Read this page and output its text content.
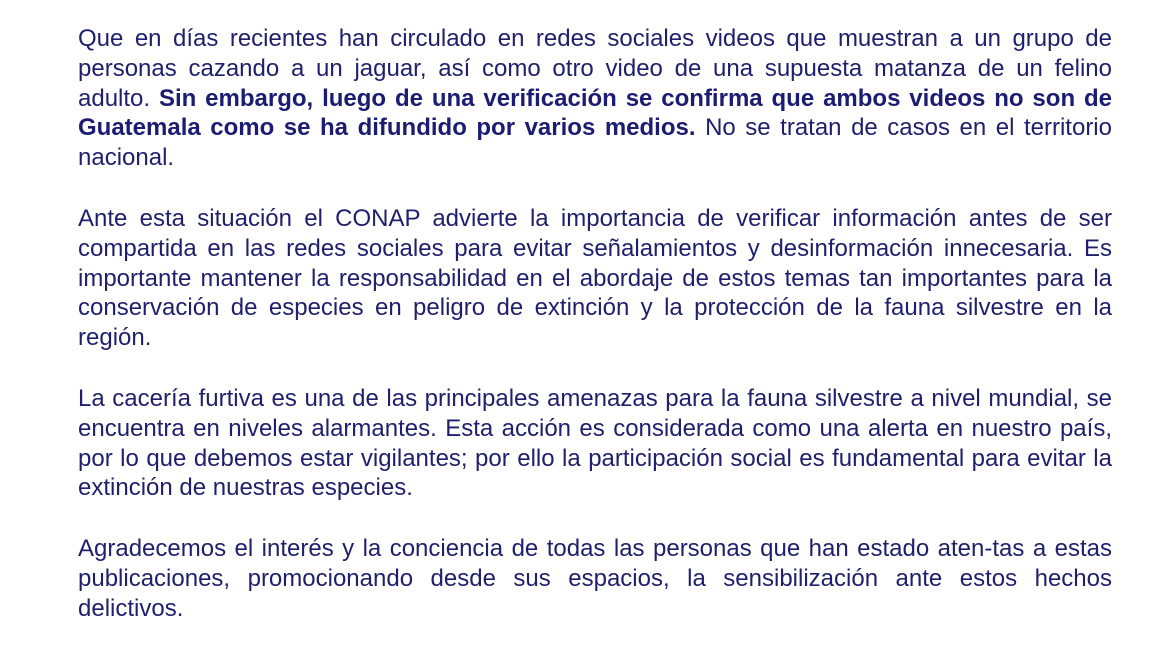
Que en días recientes han circulado en redes sociales videos que muestran a un grupo de personas cazando a un jaguar, así como otro video de una supuesta matanza de un felino adulto. Sin embargo, luego de una verificación se confirma que ambos videos no son de Guatemala como se ha difundido por varios medios. No se tratan de casos en el territorio nacional.

Ante esta situación el CONAP advierte la importancia de verificar información antes de ser compartida en las redes sociales para evitar señalamientos y desinformación innecesaria. Es importante mantener la responsabilidad en el abordaje de estos temas tan importantes para la conservación de especies en peligro de extinción y la protección de la fauna silvestre en la región.

La cacería furtiva es una de las principales amenazas para la fauna silvestre a nivel mundial, se encuentra en niveles alarmantes. Esta acción es considerada como una alerta en nuestro país, por lo que debemos estar vigilantes; por ello la participación social es fundamental para evitar la extinción de nuestras especies.

Agradecemos el interés y la conciencia de todas las personas que han estado aten-tas a estas publicaciones, promocionando desde sus espacios, la sensibilización ante estos hechos delictivos.
